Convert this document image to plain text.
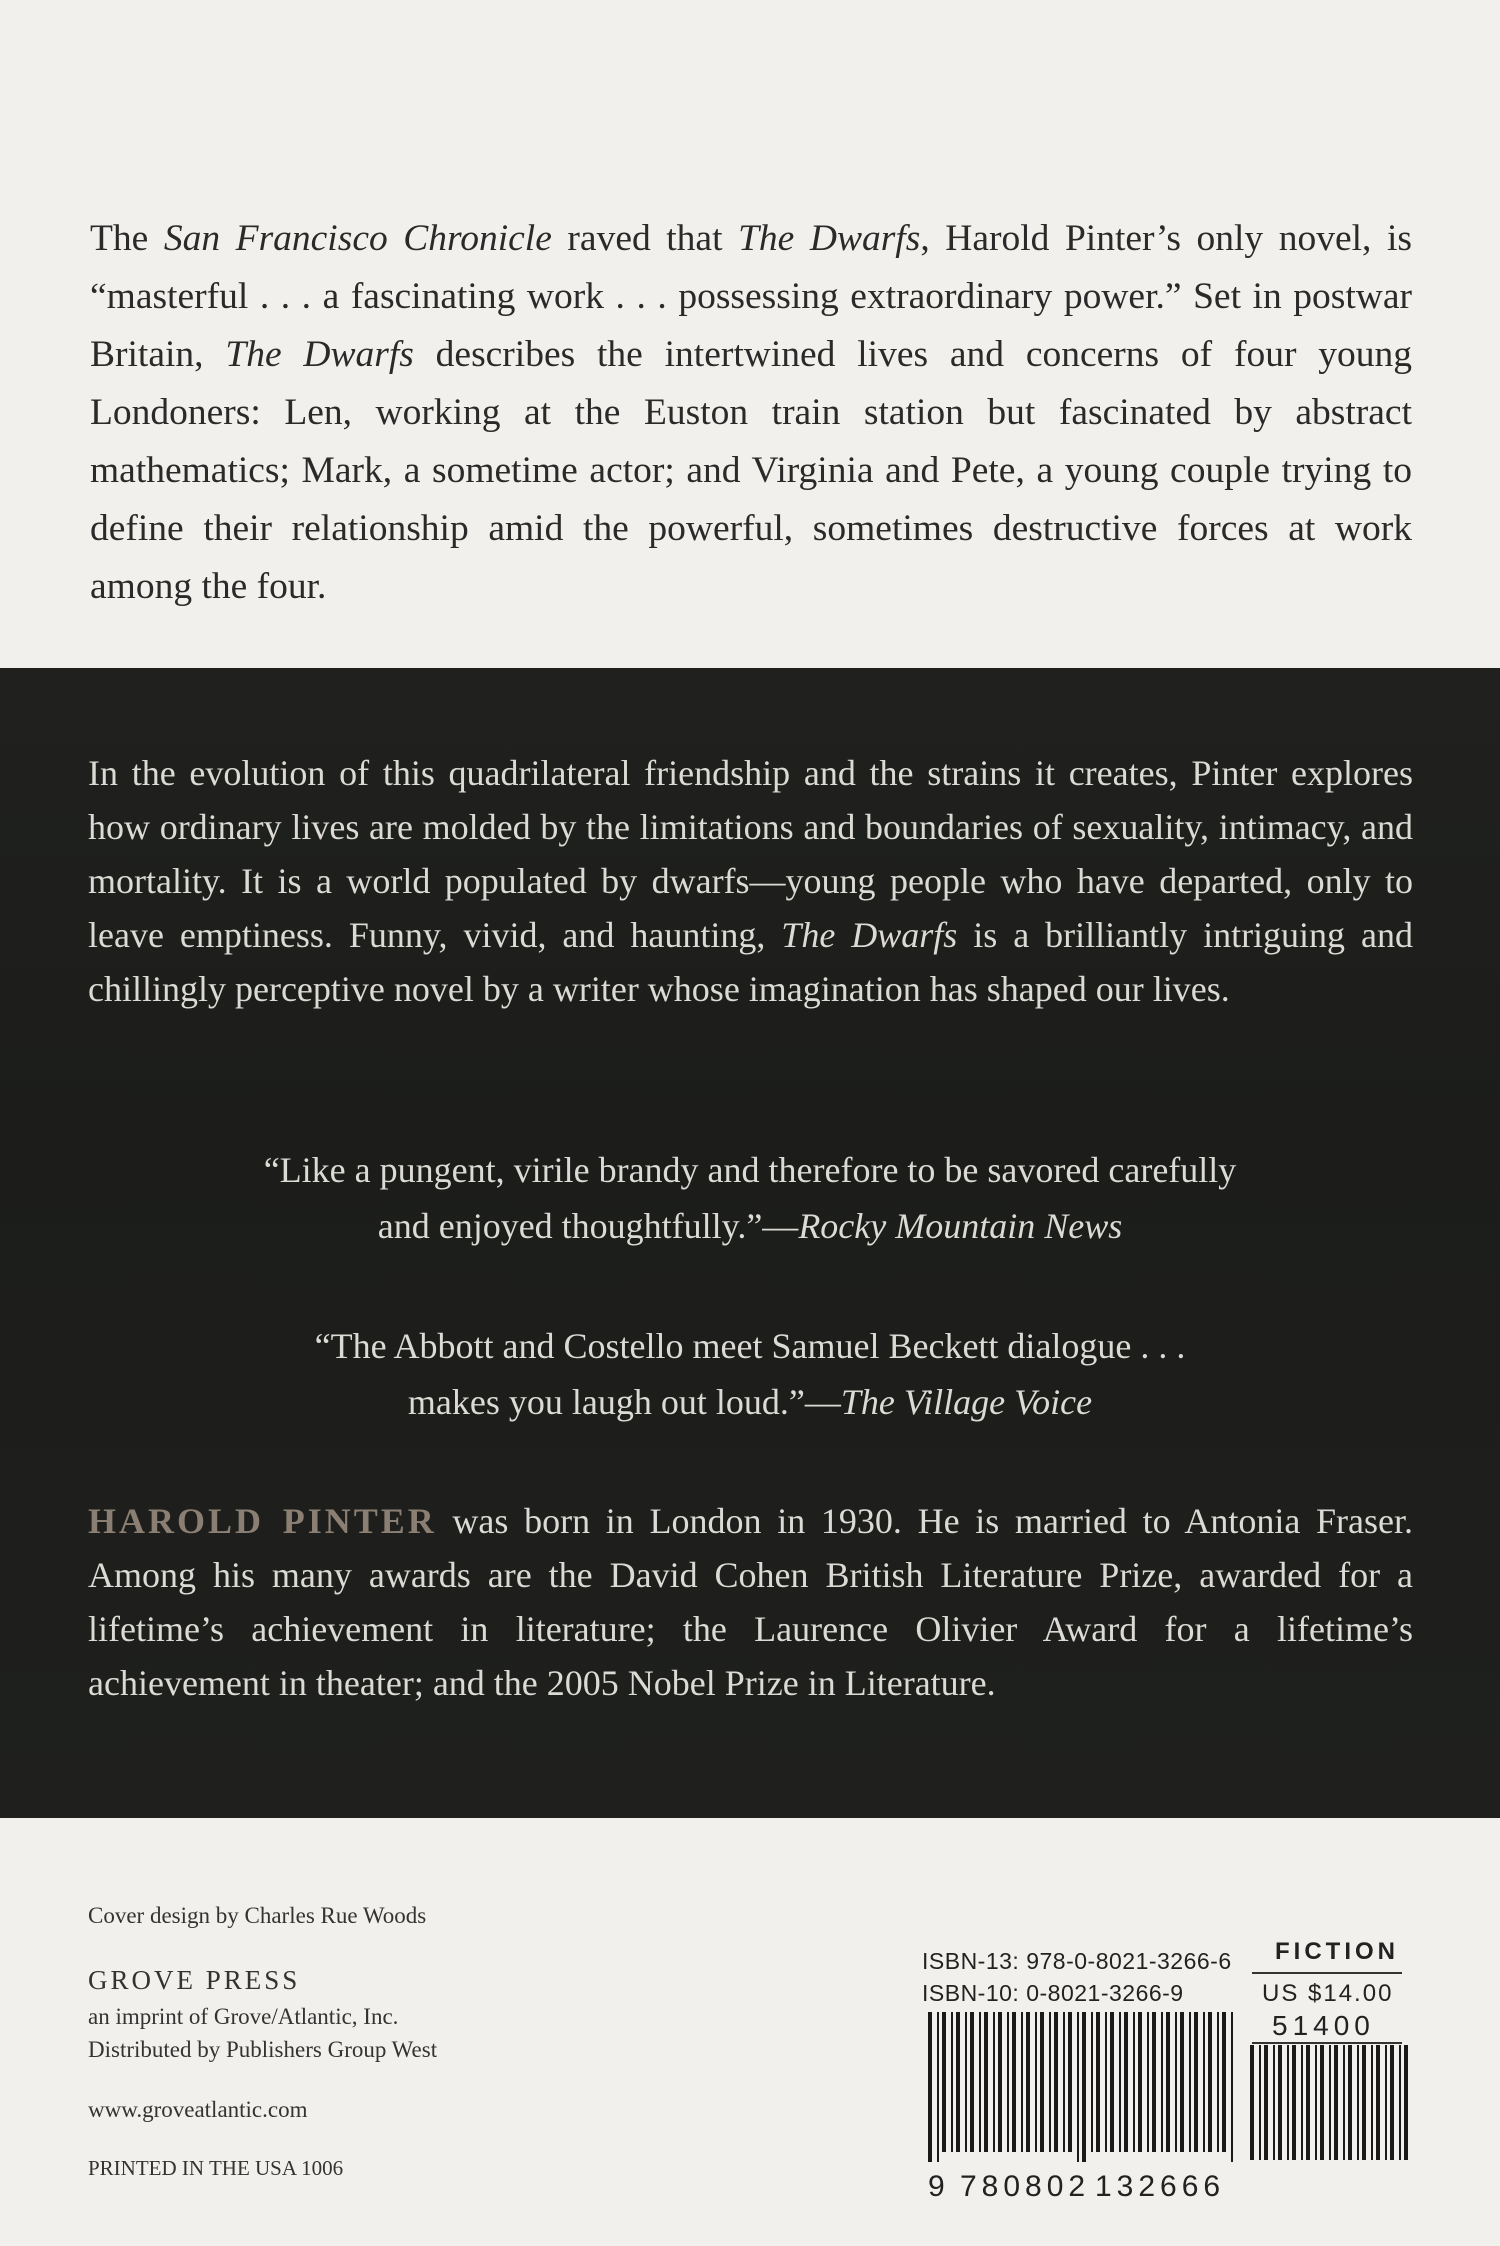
The San Francisco Chronicle raved that The Dwarfs, Harold Pinter’s only novel, is “masterful . . . a fascinating work . . . possessing extraordinary power.” Set in postwar Britain, The Dwarfs describes the intertwined lives and concerns of four young Londoners: Len, working at the Euston train station but fascinated by abstract mathematics; Mark, a sometime actor; and Virginia and Pete, a young couple trying to define their relationship amid the powerful, sometimes destructive forces at work among the four.

In the evolution of this quadrilateral friendship and the strains it creates, Pinter explores how ordinary lives are molded by the limitations and boundaries of sexuality, intimacy, and mortality. It is a world populated by dwarfs—young people who have departed, only to leave emptiness. Funny, vivid, and haunting, The Dwarfs is a brilliantly intriguing and chillingly perceptive novel by a writer whose imagination has shaped our lives.

“Like a pungent, virile brandy and therefore to be savored carefully
and enjoyed thoughtfully.”—Rocky Mountain News
“The Abbott and Costello meet Samuel Beckett dialogue . . .
makes you laugh out loud.”—The Village Voice

HAROLD PINTER was born in London in 1930. He is married to Antonia Fraser. Among his many awards are the David Cohen British Literature Prize, awarded for a lifetime’s achievement in literature; the Laurence Olivier Award for a lifetime’s achievement in theater; and the 2005 Nobel Prize in Literature.

Cover design by Charles Rue Woods

GROVE PRESS

an imprint of Grove/Atlantic, Inc.

Distributed by Publishers Group West

www.groveatlantic.com

PRINTED IN THE USA 1006

ISBN-13: 978-0-8021-3266-6

ISBN-10: 0-8021-3266-9

FICTION

US $14.00

51400

9 780802 132666
